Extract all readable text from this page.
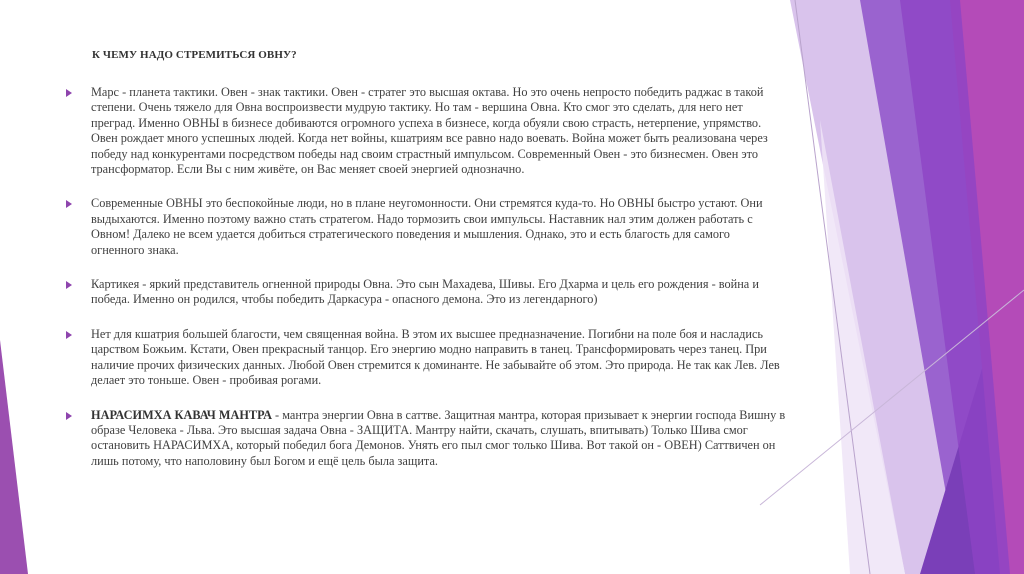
К ЧЕМУ НАДО СТРЕМИТЬСЯ ОВНУ?
Марс - планета тактики. Овен - знак тактики. Овен - стратег это высшая октава. Но это очень непросто победить раджас в такой степени. Очень тяжело для Овна воспроизвести мудрую тактику. Но там - вершина Овна. Кто смог это сделать, для него нет преград. Именно ОВНЫ в бизнесе добиваются огромного успеха в бизнесе, когда обуяли свою страсть, нетерпение, упрямство. Овен рождает много успешных людей. Когда нет войны, кшатриям все равно надо воевать. Война может быть реализована через победу над конкурентами посредством победы над своим страстный импульсом. Современный Овен - это бизнесмен. Овен это трансформатор. Если Вы с ним живёте, он Вас меняет своей энергией однозначно.
Современные ОВНЫ это беспокойные люди, но в плане неугомонности. Они стремятся куда-то. Но ОВНЫ быстро устают. Они выдыхаются. Именно поэтому важно стать стратегом. Надо тормозить свои импульсы. Наставник нал этим должен работать с Овном! Далеко не всем удается добиться стратегического поведения и мышления. Однако, это и есть благость для самого огненного знака.
Картикея - яркий представитель огненной природы Овна. Это сын Махадева, Шивы. Его Дхарма и цель его рождения - война и победа. Именно он родился, чтобы победить Даркасура - опасного демона. Это из легендарного)
Нет для кшатрия большей благости, чем священная война. В этом их высшее предназначение. Погибни на поле боя и насладись царством Божьим. Кстати, Овен прекрасный танцор. Его энергию модно направить в танец. Трансформировать через танец. При наличие прочих физических данных. Любой Овен стремится к доминанте. Не забывайте об этом. Это природа. Не так как Лев. Лев делает это тоньше. Овен - пробивая рогами.
НАРАСИМХА КАВАЧ МАНТРА - мантра энергии Овна в саттве. Защитная мантра, которая призывает к энергии господа Вишну в образе Человека - Льва. Это высшая задача Овна - ЗАЩИТА. Мантру найти, скачать, слушать, впитывать) Только Шива смог остановить НАРАСИМХА, который победил бога Демонов. Унять его пыл смог только Шива. Вот такой он - ОВЕН) Саттвичен он лишь потому, что наполовину был Богом и ещё цель была защита.
